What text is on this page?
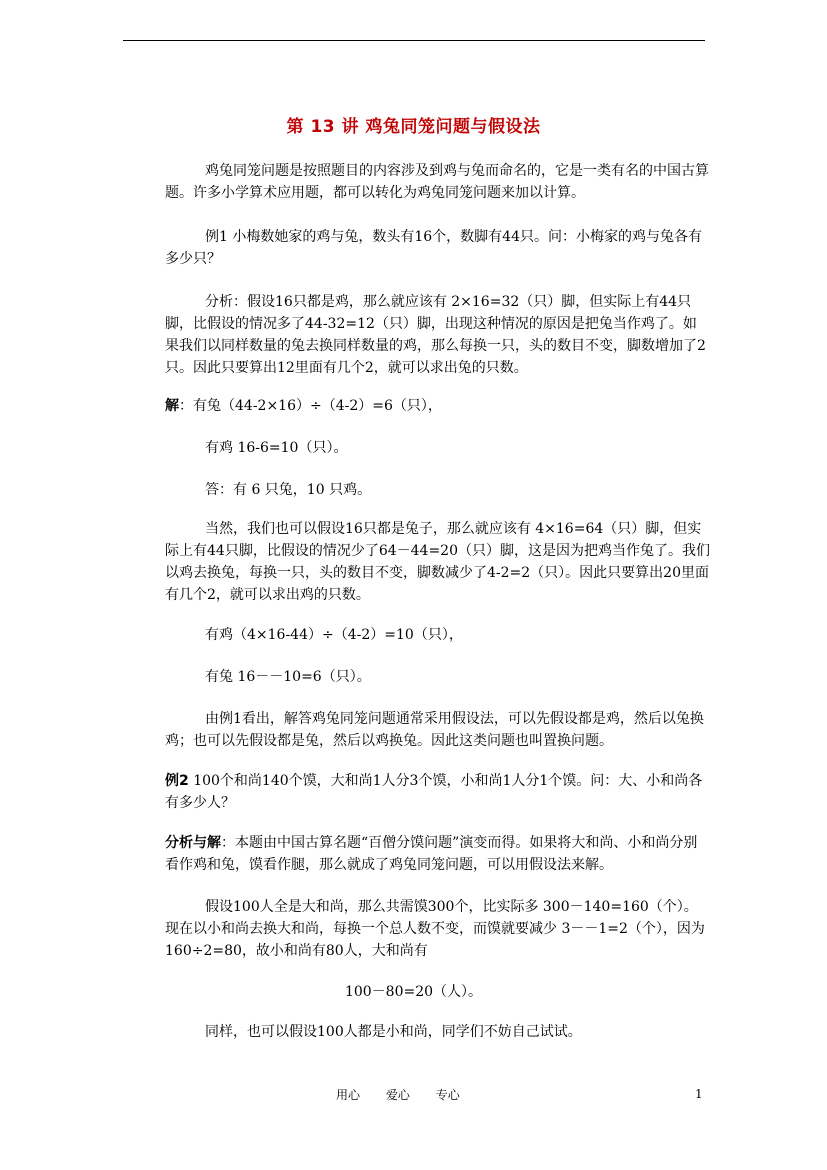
第 13 讲 鸡兔同笼问题与假设法

鸡兔同笼问题是按照题目的内容涉及到鸡与兔而命名的，它是一类有名的中国古算题。许多小学算术应用题，都可以转化为鸡兔同笼问题来加以计算。

例1 小梅数她家的鸡与兔，数头有16个，数脚有44只。问：小梅家的鸡与兔各有多少只？

分析：假设16只都是鸡，那么就应该有 2×16=32（只）脚，但实际上有44只脚，比假设的情况多了44-32=12（只）脚，出现这种情况的原因是把兔当作鸡了。如果我们以同样数量的兔去换同样数量的鸡，那么每换一只，头的数目不变，脚数增加了2只。因此只要算出12里面有几个2，就可以求出兔的只数。

解：有兔（44-2×16）÷（4-2）=6（只），

有鸡 16-6=10（只）。

答：有 6 只兔，10 只鸡。

当然，我们也可以假设16只都是兔子，那么就应该有 4×16=64（只）脚，但实际上有44只脚，比假设的情况少了64－44=20（只）脚，这是因为把鸡当作兔了。我们以鸡去换兔，每换一只，头的数目不变，脚数减少了4-2=2（只）。因此只要算出20里面有几个2，就可以求出鸡的只数。

有鸡（4×16-44）÷（4-2）=10（只），

有兔 16－－10=6（只）。

由例1看出，解答鸡兔同笼问题通常采用假设法，可以先假设都是鸡，然后以兔换鸡；也可以先假设都是兔，然后以鸡换兔。因此这类问题也叫置换问题。

例2 100个和尚140个馍，大和尚1人分3个馍，小和尚1人分1个馍。问：大、小和尚各有多少人？

分析与解：本题由中国古算名题“百僧分馍问题”演变而得。如果将大和尚、小和尚分别看作鸡和兔，馍看作腿，那么就成了鸡兔同笼问题，可以用假设法来解。

假设100人全是大和尚，那么共需馍300个，比实际多 300－140=160（个）。现在以小和尚去换大和尚，每换一个总人数不变，而馍就要减少 3－－1=2（个），因为 160÷2=80，故小和尚有80人，大和尚有

100－80=20（人）。

同样，也可以假设100人都是小和尚，同学们不妨自己试试。

用心 爱心 专心	1
